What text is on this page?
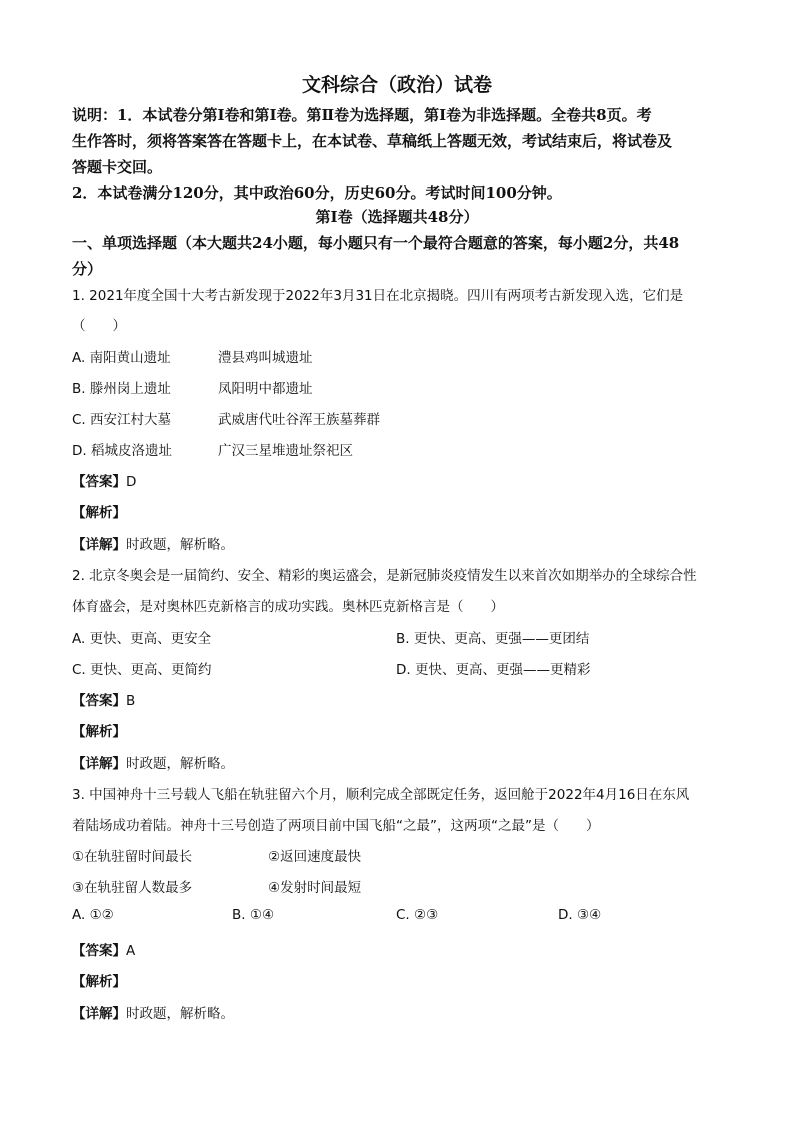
文科综合（政治）试卷
说明：1．本试卷分第Ⅰ卷和第Ⅰ卷。第Ⅱ卷为选择题，第Ⅰ卷为非选择题。全卷共8页。考
生作答时，须将答案答在答题卡上，在本试卷、草稿纸上答题无效，考试结束后，将试卷及
答题卡交回。
2．本试卷满分120分，其中政治60分，历史60分。考试时间100分钟。
第Ⅰ卷（选择题共48分）
一、单项选择题（本大题共24小题，每小题只有一个最符合题意的答案，每小题2分，共48
分）
1. 2021年度全国十大考古新发现于2022年3月31日在北京揭晓。四川有两项考古新发现入选，它们是
（　　）
A. 南阳黄山遗址	澧县鸡叫城遗址
B. 滕州岗上遗址	凤阳明中都遗址
C. 西安江村大墓	武威唐代吐谷浑王族墓葬群
D. 稻城皮洛遗址	广汉三星堆遗址祭祀区
【答案】D
【解析】
【详解】时政题，解析略。
2. 北京冬奥会是一届简约、安全、精彩的奥运盛会，是新冠肺炎疫情发生以来首次如期举办的全球综合性
体育盛会，是对奥林匹克新格言的成功实践。奥林匹克新格言是（　　）
A. 更快、更高、更安全	B. 更快、更高、更强——更团结
C. 更快、更高、更简约	D. 更快、更高、更强——更精彩
【答案】B
【解析】
【详解】时政题，解析略。
3. 中国神舟十三号载人飞船在轨驻留六个月，顺利完成全部既定任务，返回舱于2022年4月16日在东风
着陆场成功着陆。神舟十三号创造了两项目前中国飞船“之最”，这两项“之最”是（　　）
①在轨驻留时间最长	②返回速度最快
③在轨驻留人数最多	④发射时间最短
A. ①②	B. ①④	C. ②③	D. ③④
【答案】A
【解析】
【详解】时政题，解析略。
